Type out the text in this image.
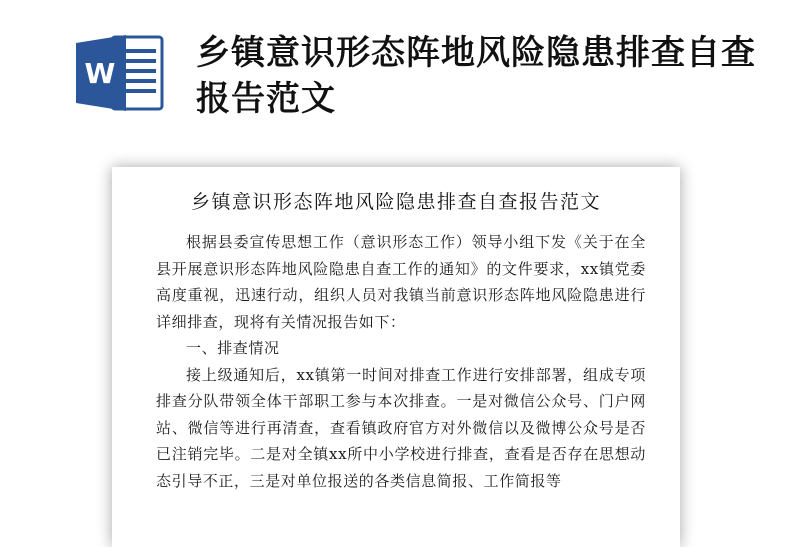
W
乡镇意识形态阵地风险隐患排查自查报告范文
乡镇意识形态阵地风险隐患排查自查报告范文

根据县委宣传思想工作（意识形态工作）领导小组下发《关于在全县开展意识形态阵地风险隐患自查工作的通知》的文件要求，xx镇党委高度重视，迅速行动，组织人员对我镇当前意识形态阵地风险隐患进行详细排查，现将有关情况报告如下：

一、排查情况

接上级通知后，xx镇第一时间对排查工作进行安排部署，组成专项排查分队带领全体干部职工参与本次排查。一是对微信公众号、门户网站、微信等进行再清查，查看镇政府官方对外微信以及微博公众号是否已注销完毕。二是对全镇xx所中小学校进行排查，查看是否存在思想动态引导不正，三是对单位报送的各类信息简报、工作简报等
